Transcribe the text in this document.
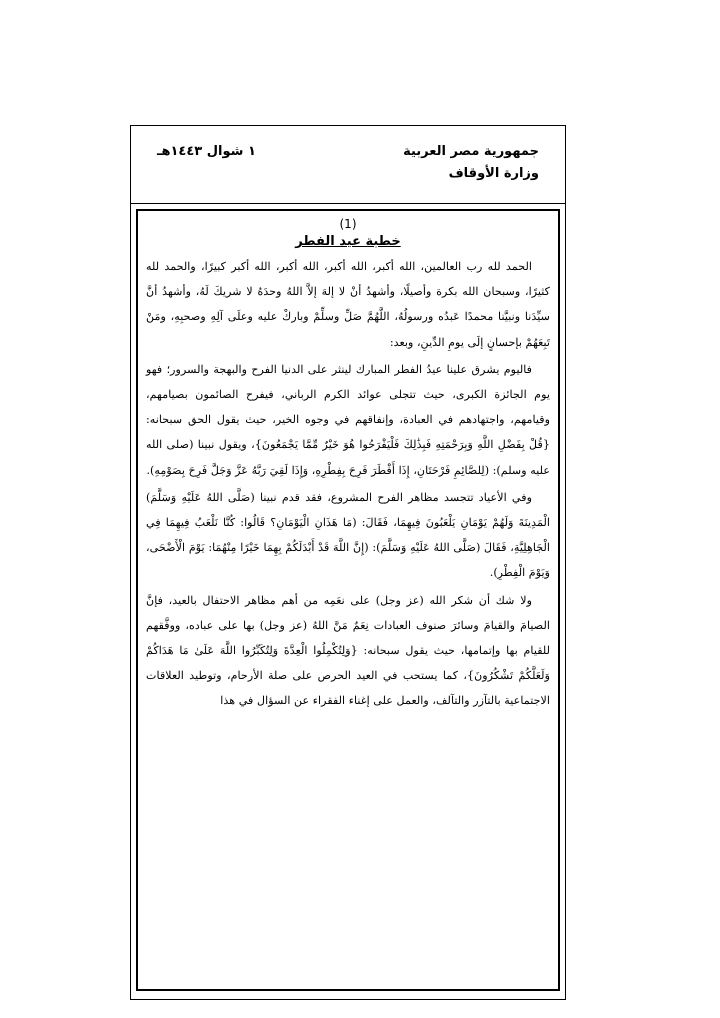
جمهورية مصر العربية
وزارة الأوقاف
١ شوال ١٤٤٣هـ
(1)
خطبة عيد الفطر

الحمد لله رب العالمين، الله أكبر، الله أكبر، الله أكبر، الله أكبر كبيرًا، والحمد لله كثيرًا، وسبحان الله بكرة وأصيلًا، وأشهدُ أنْ لا إلهَ إلاَّ اللهُ وحدَهُ لا شريكَ لَهُ، وأشهدُ أنَّ سيِّدَنا ونبيَّنا محمدًا عَبدُه ورسولُهُ، اللَّهُمَّ صَلِّ وسلِّمْ وباركْ عليه وعلَى آلِهِ وصحبِهِ، ومَنْ تَبِعَهُمْ بإحسانٍ إلَى يومِ الدِّينِ، وبعد:

فاليوم يشرق علينا عيدُ الفطر المبارك لينثر على الدنيا الفرح والبهجة والسرور؛ فهو يوم الجائزة الكبرى، حيث تتجلى عوائد الكرم الرباني، فيفرح الصائمون بصيامهم، وقيامهم، واجتهادهم في العبادة، وإنفاقهم في وجوه الخير، حيث يقول الحق سبحانه: {قُلْ بِفَضْلِ اللَّهِ وَبِرَحْمَتِهِ فَبِذَٰلِكَ فَلْيَفْرَحُوا هُوَ خَيْرٌ مِّمَّا يَجْمَعُونَ}، ويقول نبينا (صلى الله عليه وسلم): (لِلصَّائِمِ فَرْحَتَانِ، إِذَا أَفْطَرَ فَرِحَ بِفِطْرِهِ، وَإِذَا لَقِيَ رَبَّهُ عَزَّ وَجَلَّ فَرِحَ بِصَوْمِهِ).

وفي الأعياد تتجسد مظاهر الفرح المشروع، فقد قدم نبينا (صَلَّى اللهُ عَلَيْهِ وَسَلَّمَ) الْمَدِينَةَ وَلَهُمْ يَوْمَانِ يَلْعَبُونَ فِيهِمَا، فَقَالَ: (مَا هَذَانِ الْيَوْمَانِ؟ قَالُوا: كُنَّا نَلْعَبُ فِيهِمَا فِي الْجَاهِلِيَّةِ، فَقَالَ (صَلَّى اللهُ عَلَيْهِ وَسَلَّمَ): (إِنَّ اللَّهَ قَدْ أَبْدَلَكُمْ بِهِمَا خَيْرًا مِنْهُمَا: يَوْمَ الْأَضْحَى، وَيَوْمَ الْفِطْرِ).

ولا شك أن شكر الله (عز وجل) على نعَمِه من أهم مظاهر الاحتفال بالعيد، فإنَّ الصيامَ والقيامَ وسائرَ صنوف العبادات نِعَمٌ مَنَّ اللهُ (عز وجل) بها على عباده، ووفَّقهم للقيام بها وإتمامها، حيث يقول سبحانه: {وَلِتُكْمِلُوا الْعِدَّةَ وَلِتُكَبِّرُوا اللَّهَ عَلَىٰ مَا هَدَاكُمْ وَلَعَلَّكُمْ تَشْكُرُونَ}، كما يستحب في العيد الحرص على صلة الأرحام، وتوطيد العلاقات الاجتماعية بالتآزر والتآلف، والعمل على إغناء الفقراء عن السؤال في هذا
